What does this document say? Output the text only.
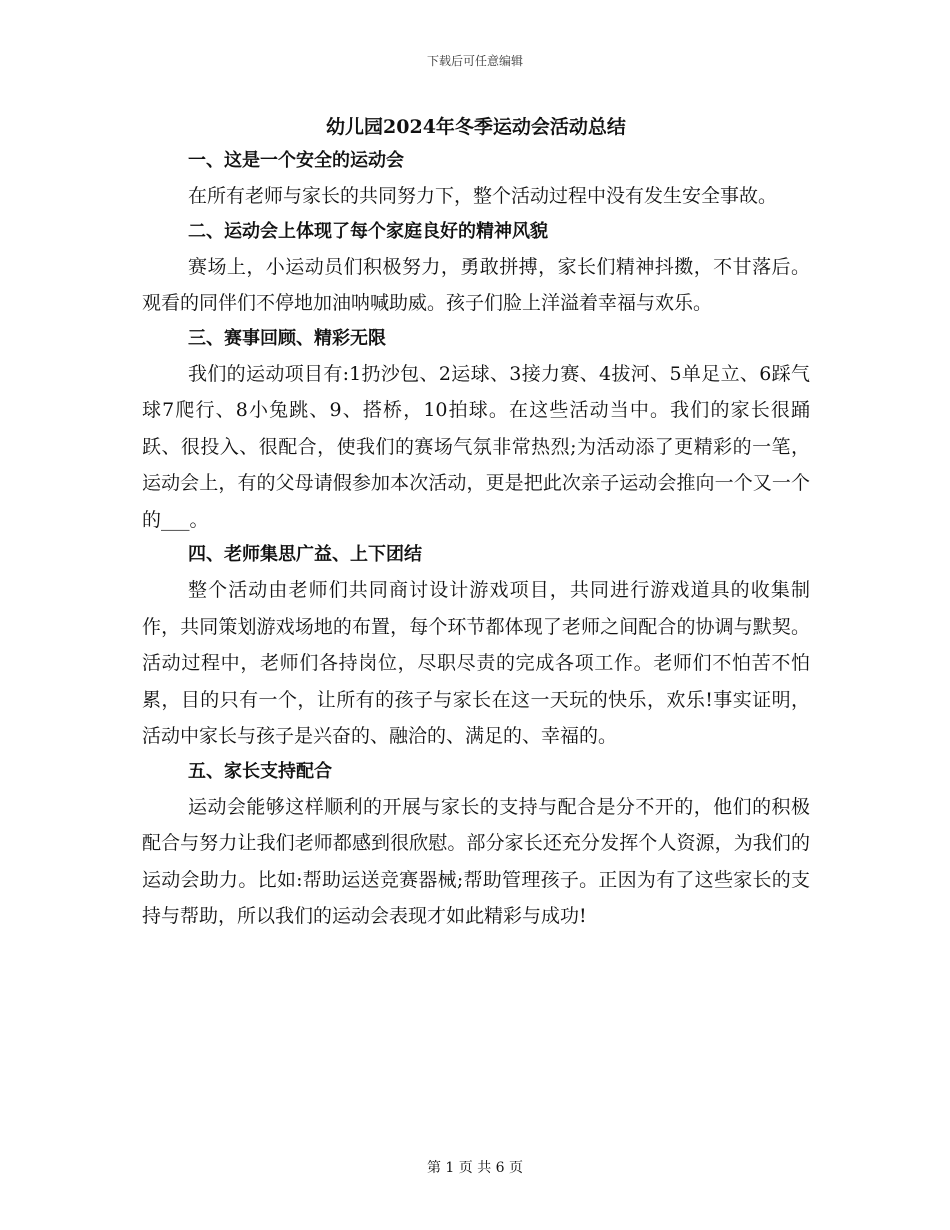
下载后可任意编辑
幼儿园2024年冬季运动会活动总结
一、这是一个安全的运动会

在所有老师与家长的共同努力下，整个活动过程中没有发生安全事故。

二、运动会上体现了每个家庭良好的精神风貌

赛场上，小运动员们积极努力，勇敢拼搏，家长们精神抖擞，不甘落后。观看的同伴们不停地加油呐喊助威。孩子们脸上洋溢着幸福与欢乐。

三、赛事回顾、精彩无限

我们的运动项目有:1扔沙包、2运球、3接力赛、4拔河、5单足立、6踩气球7爬行、8小兔跳、9、搭桥，10拍球。在这些活动当中。我们的家长很踊跃、很投入、很配合，使我们的赛场气氛非常热烈;为活动添了更精彩的一笔，运动会上，有的父母请假参加本次活动，更是把此次亲子运动会推向一个又一个的___。

四、老师集思广益、上下团结

整个活动由老师们共同商讨设计游戏项目，共同进行游戏道具的收集制作，共同策划游戏场地的布置，每个环节都体现了老师之间配合的协调与默契。活动过程中，老师们各持岗位，尽职尽责的完成各项工作。老师们不怕苦不怕累，目的只有一个，让所有的孩子与家长在这一天玩的快乐，欢乐!事实证明，活动中家长与孩子是兴奋的、融洽的、满足的、幸福的。

五、家长支持配合

运动会能够这样顺利的开展与家长的支持与配合是分不开的，他们的积极配合与努力让我们老师都感到很欣慰。部分家长还充分发挥个人资源，为我们的运动会助力。比如:帮助运送竞赛器械;帮助管理孩子。正因为有了这些家长的支持与帮助，所以我们的运动会表现才如此精彩与成功!

第 1 页 共 6 页
